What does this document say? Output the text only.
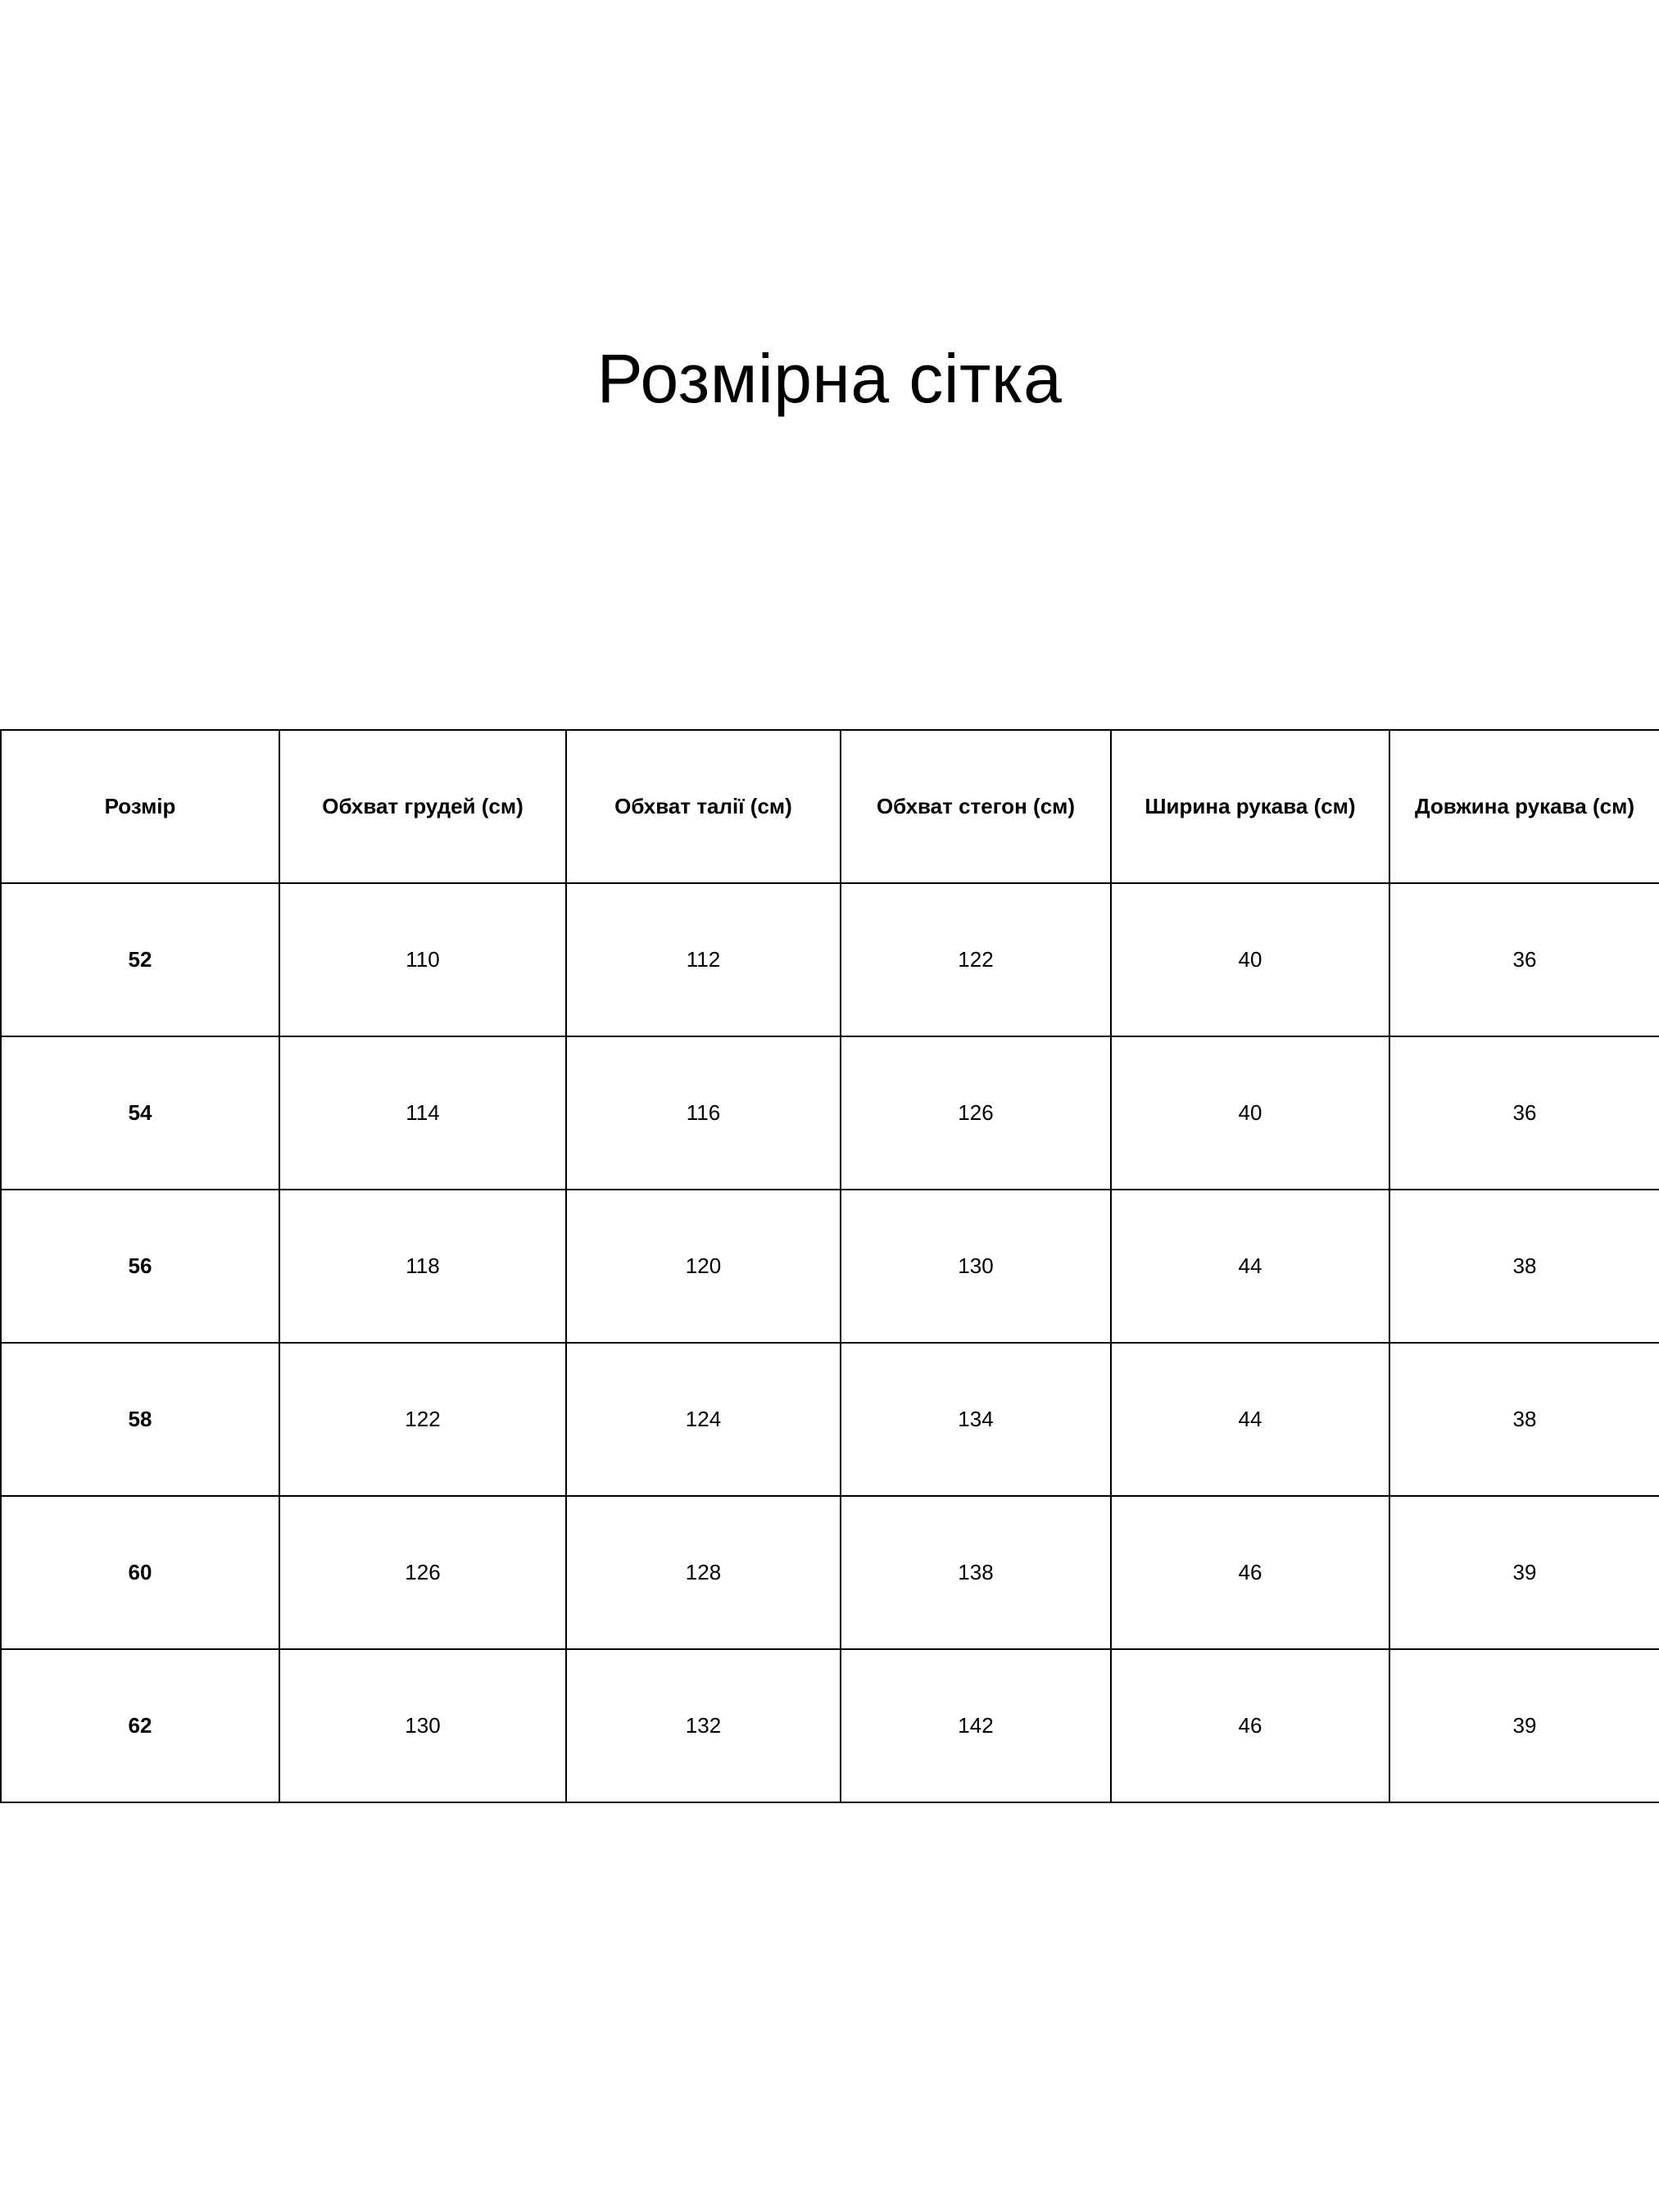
Розмірна сітка
Розмір	Обхват грудей (см)	Обхват талії (см)	Обхват стегон (см)	Ширина рукава (см)	Довжина рукава (см)
52	110	112	122	40	36
54	114	116	126	40	36
56	118	120	130	44	38
58	122	124	134	44	38
60	126	128	138	46	39
62	130	132	142	46	39
